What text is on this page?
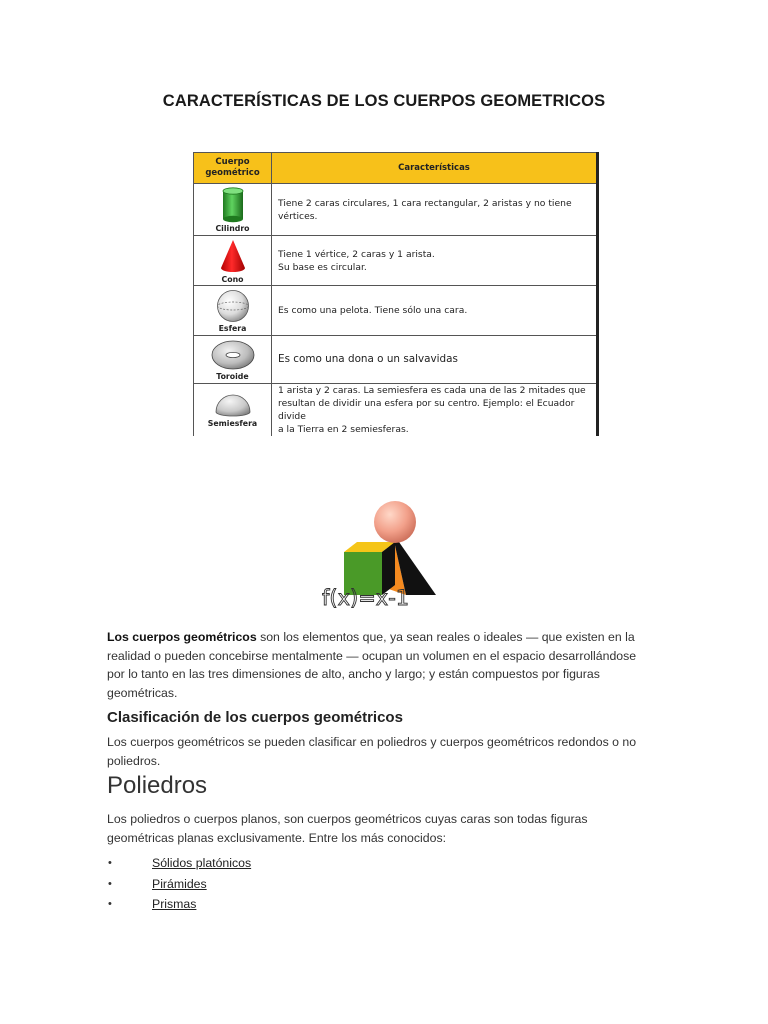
CARACTERÍSTICAS DE LOS CUERPOS GEOMETRICOS
Cuerpo
geométrico	Características

Cilindro	Tiene 2 caras circulares, 1 cara rectangular, 2 aristas y no tiene
vértices.

Cono	Tiene 1 vértice, 2 caras y 1 arista.
Su base es circular.

Esfera	Es como una pelota. Tiene sólo una cara.

Toroide	Es como una dona o un salvavidas

Semiesfera	1 arista y 2 caras. La semiesfera es cada una de las 2 mitades que
resultan de dividir una esfera por su centro. Ejemplo: el Ecuador divide
a la Tierra en 2 semiesferas.
f(x)=x-1
Los cuerpos geométricos son los elementos que, ya sean reales o ideales — que existen en la realidad o pueden concebirse mentalmente — ocupan un volumen en el espacio desarrollándose por lo tanto en las tres dimensiones de alto, ancho y largo; y están compuestos por figuras geométricas.
Clasificación de los cuerpos geométricos
Los cuerpos geométricos se pueden clasificar en poliedros y cuerpos geométricos redondos o no poliedros.
Poliedros
Los poliedros o cuerpos planos, son cuerpos geométricos cuyas caras son todas figuras geométricas planas exclusivamente. Entre los más conocidos:
•	Sólidos platónicos
•	Pirámides
•	Prismas
